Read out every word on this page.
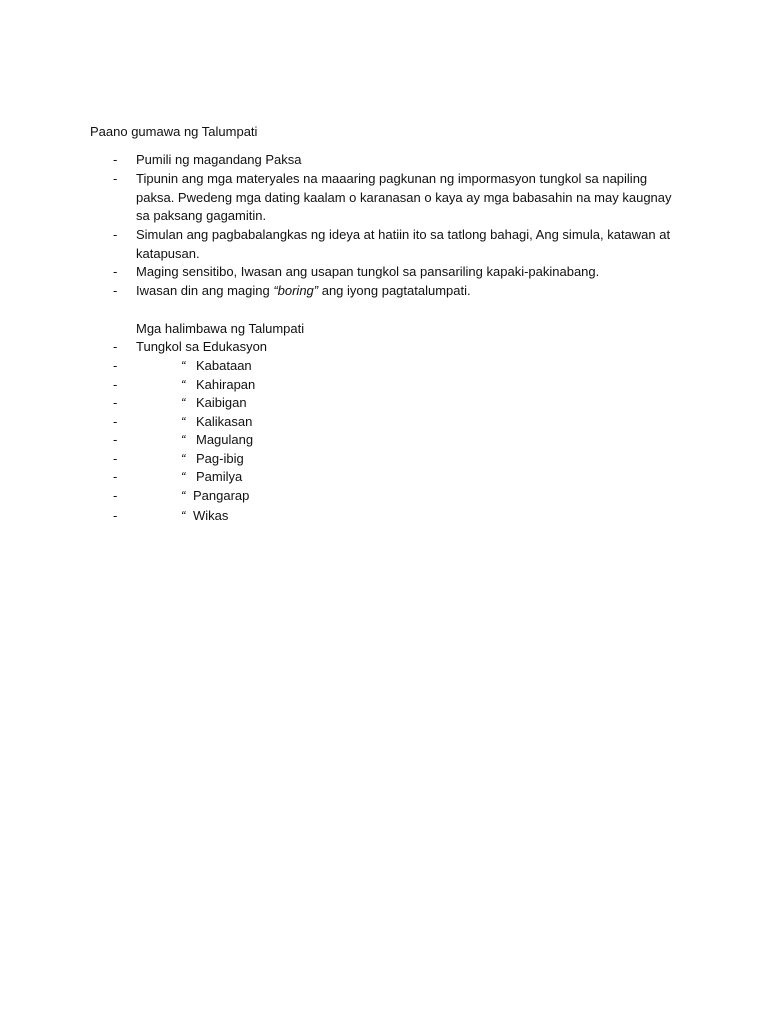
Paano gumawa ng Talumpati
- Pumili ng magandang Paksa
- Tipunin ang mga materyales na maaaring pagkunan ng impormasyon tungkol sa napiling paksa. Pwedeng mga dating kaalam o karanasan o kaya ay mga babasahin na may kaugnay sa paksang gagamitin.
- Simulan ang pagbabalangkas ng ideya at hatiin ito sa tatlong bahagi, Ang simula, katawan at katapusan.
- Maging sensitibo, Iwasan ang usapan tungkol sa pansariling kapaki-pakinabang.
- Iwasan din ang maging “boring” ang iyong pagtatalumpati.
Mga halimbawa ng Talumpati
- Tungkol sa Edukasyon
-	“ Kabataan
-	“ Kahirapan
-	“ Kaibigan
-	“ Kalikasan
-	“ Magulang
-	“ Pag-ibig
-	“ Pamilya
-	“ Pangarap
-	“ Wikas
